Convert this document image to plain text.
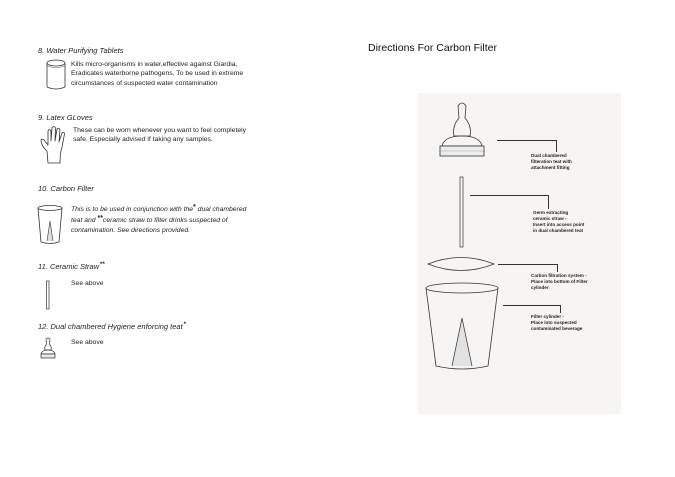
8. Water Purifying Tablets
Kills micro-organisms in water,effective against Giardia,
Eradicates waterborne pathogens. To be used in extreme
circumstances of suspected water contamination
9. Latex GLoves
These can be worn whenever you want to feel completely
safe. Especially advised if taking any samples.
10. Carbon Filter
This is to be used in conjunction with the* dual chambered
teat and **ceramic straw to filter drinks suspected of
contamination. See directions provided.
11. Ceramic Straw**
See above
12. Dual chambered Hygiene enforcing teat*
See above
Directions For Carbon Filter
Dual chambered
filteration teat with
attachment fitting
Germ extracting
ceramic straw -
Insert into access point
in dual chambered teat
Carbon filtration system -
Place into bottom of Filter
cylinder
Filter cylinder -
Place into suspected
contaminated beverage
